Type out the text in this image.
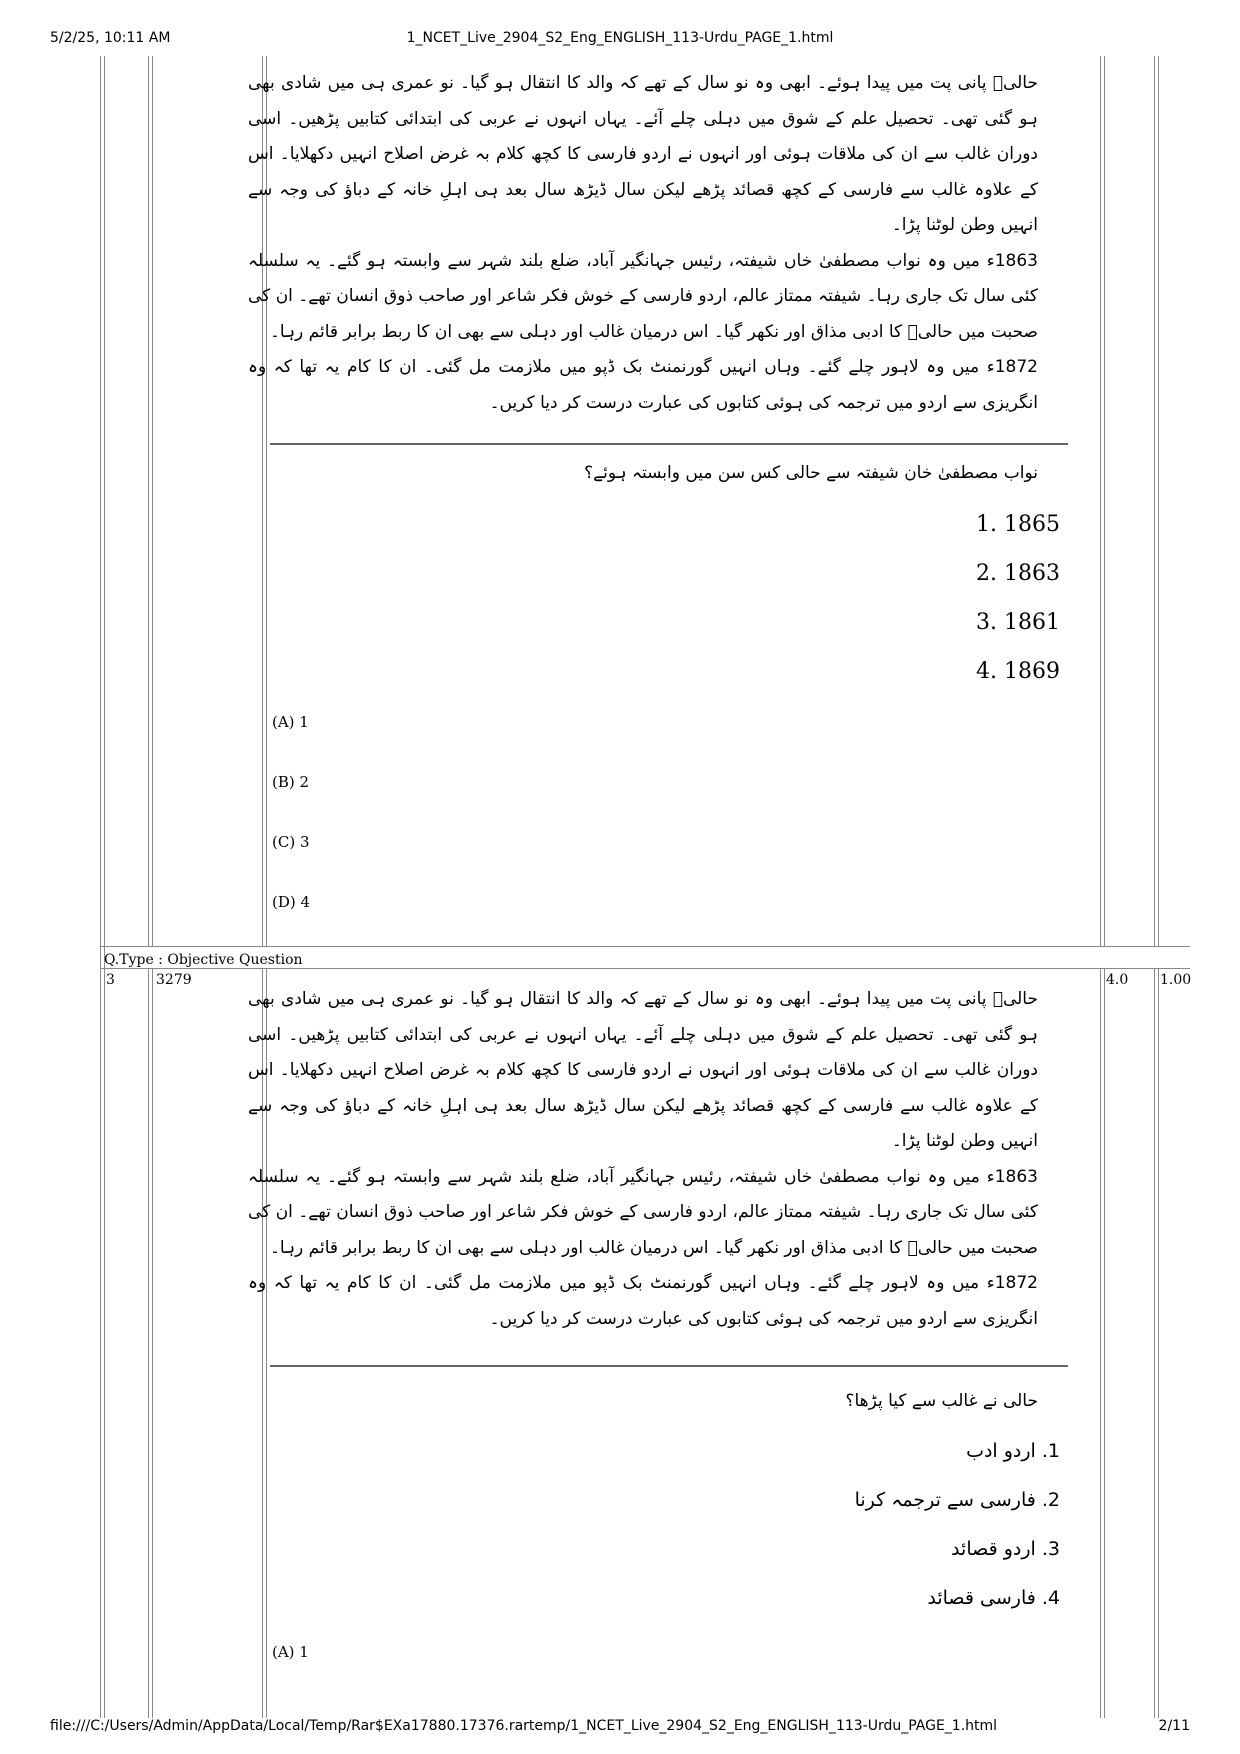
5/2/25, 10:11 AM	1_NCET_Live_2904_S2_Eng_ENGLISH_113-Urdu_PAGE_1.html

حالیؔ پانی پت میں پیدا ہوئے۔ ابھی وہ نو سال کے تھے کہ والد کا انتقال ہو گیا۔ نو عمری ہی میں شادی بھی ہو گئی تھی۔ تحصیل علم کے شوق میں دہلی چلے آئے۔ یہاں انہوں نے عربی کی ابتدائی کتابیں پڑھیں۔ اسی دوران غالب سے ان کی ملاقات ہوئی اور انہوں نے اردو فارسی کا کچھ کلام بہ غرض اصلاح انہیں دکھلایا۔ اس کے علاوہ غالب سے فارسی کے کچھ قصائد پڑھے لیکن سال ڈیڑھ سال بعد ہی اہلِ خانہ کے دباؤ کی وجہ سے انہیں وطن لوٹنا پڑا۔

1863ء میں وہ نواب مصطفیٰ خاں شیفتہ، رئیس جہانگیر آباد، ضلع بلند شہر سے وابستہ ہو گئے۔ یہ سلسلہ کئی سال تک جاری رہا۔ شیفتہ ممتاز عالم، اردو فارسی کے خوش فکر شاعر اور صاحب ذوق انسان تھے۔ ان کی صحبت میں حالیؔ کا ادبی مذاق اور نکھر گیا۔ اس درمیان غالب اور دہلی سے بھی ان کا ربط برابر قائم رہا۔

1872ء میں وہ لاہور چلے گئے۔ وہاں انہیں گورنمنٹ بک ڈپو میں ملازمت مل گئی۔ ان کا کام یہ تھا کہ وہ انگریزی سے اردو میں ترجمہ کی ہوئی کتابوں کی عبارت درست کر دیا کریں۔

نواب مصطفیٰ خان شیفتہ سے حالی کس سن میں وابستہ ہوئے؟
1865 .1
1863 .2
1861 .3
1869 .4
(A) 1
(B) 2
(C) 3
(D) 4
Q.Type : Objective Question
3	3279	4.0 1.00

حالیؔ پانی پت میں پیدا ہوئے۔ ابھی وہ نو سال کے تھے کہ والد کا انتقال ہو گیا۔ نو عمری ہی میں شادی بھی ہو گئی تھی۔ تحصیل علم کے شوق میں دہلی چلے آئے۔ یہاں انہوں نے عربی کی ابتدائی کتابیں پڑھیں۔ اسی دوران غالب سے ان کی ملاقات ہوئی اور انہوں نے اردو فارسی کا کچھ کلام بہ غرض اصلاح انہیں دکھلایا۔ اس کے علاوہ غالب سے فارسی کے کچھ قصائد پڑھے لیکن سال ڈیڑھ سال بعد ہی اہلِ خانہ کے دباؤ کی وجہ سے انہیں وطن لوٹنا پڑا۔

1863ء میں وہ نواب مصطفیٰ خاں شیفتہ، رئیس جہانگیر آباد، ضلع بلند شہر سے وابستہ ہو گئے۔ یہ سلسلہ کئی سال تک جاری رہا۔ شیفتہ ممتاز عالم، اردو فارسی کے خوش فکر شاعر اور صاحب ذوق انسان تھے۔ ان کی صحبت میں حالیؔ کا ادبی مذاق اور نکھر گیا۔ اس درمیان غالب اور دہلی سے بھی ان کا ربط برابر قائم رہا۔

1872ء میں وہ لاہور چلے گئے۔ وہاں انہیں گورنمنٹ بک ڈپو میں ملازمت مل گئی۔ ان کا کام یہ تھا کہ وہ انگریزی سے اردو میں ترجمہ کی ہوئی کتابوں کی عبارت درست کر دیا کریں۔

حالی نے غالب سے کیا پڑھا؟
1. اردو ادب
2. فارسی سے ترجمہ کرنا
3. اردو قصائد
4. فارسی قصائد
(A) 1
file:///C:/Users/Admin/AppData/Local/Temp/Rar$EXa17880.17376.rartemp/1_NCET_Live_2904_S2_Eng_ENGLISH_113-Urdu_PAGE_1.html	2/11
